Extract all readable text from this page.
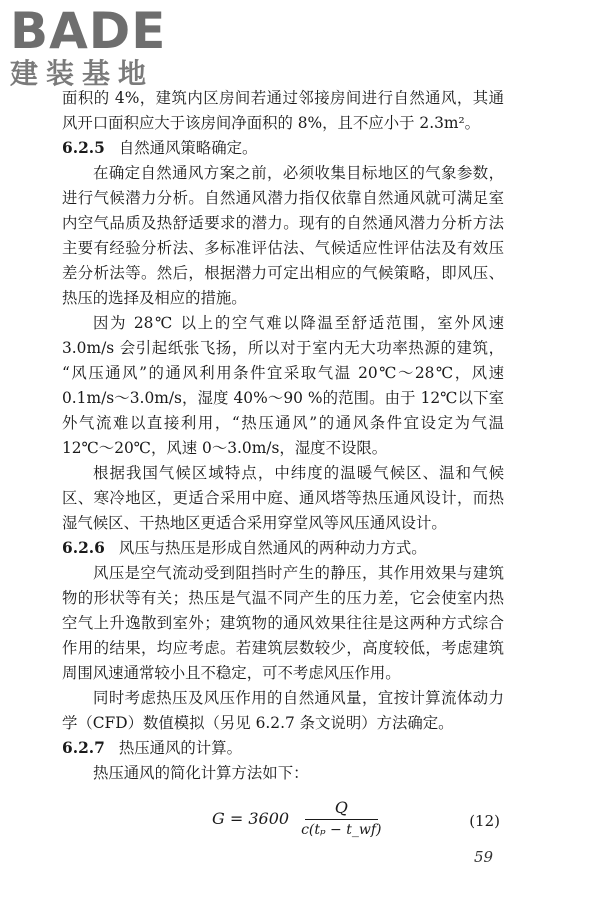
BADE
建装基地
面积的 4%，建筑内区房间若通过邻接房间进行自然通风，其通
风开口面积应大于该房间净面积的 8%，且不应小于 2.3m²。
6.2.5 自然通风策略确定。
在确定自然通风方案之前，必须收集目标地区的气象参数，
进行气候潜力分析。自然通风潜力指仅依靠自然通风就可满足室
内空气品质及热舒适要求的潜力。现有的自然通风潜力分析方法
主要有经验分析法、多标准评估法、气候适应性评估法及有效压
差分析法等。然后，根据潜力可定出相应的气候策略，即风压、
热压的选择及相应的措施。
因为 28℃ 以上的空气难以降温至舒适范围，室外风速
3.0m/s 会引起纸张飞扬，所以对于室内无大功率热源的建筑，
“风压通风”的通风利用条件宜采取气温 20℃～28℃，风速
0.1m/s～3.0m/s，湿度 40%～90 %的范围。由于 12℃以下室
外气流难以直接利用，“热压通风”的通风条件宜设定为气温
12℃～20℃，风速 0～3.0m/s，湿度不设限。
根据我国气候区域特点，中纬度的温暖气候区、温和气候
区、寒冷地区，更适合采用中庭、通风塔等热压通风设计，而热
湿气候区、干热地区更适合采用穿堂风等风压通风设计。
6.2.6 风压与热压是形成自然通风的两种动力方式。
风压是空气流动受到阻挡时产生的静压，其作用效果与建筑
物的形状等有关；热压是气温不同产生的压力差，它会使室内热
空气上升逸散到室外；建筑物的通风效果往往是这两种方式综合
作用的结果，均应考虑。若建筑层数较少，高度较低，考虑建筑
周围风速通常较小且不稳定，可不考虑风压作用。
同时考虑热压及风压作用的自然通风量，宜按计算流体动力
学（CFD）数值模拟（另见 6.2.7 条文说明）方法确定。
6.2.7 热压通风的计算。
热压通风的简化计算方法如下：
$G = 3600 \frac{Q}{\text{c(tₚ − t\_wf)}}$	(12)
59
